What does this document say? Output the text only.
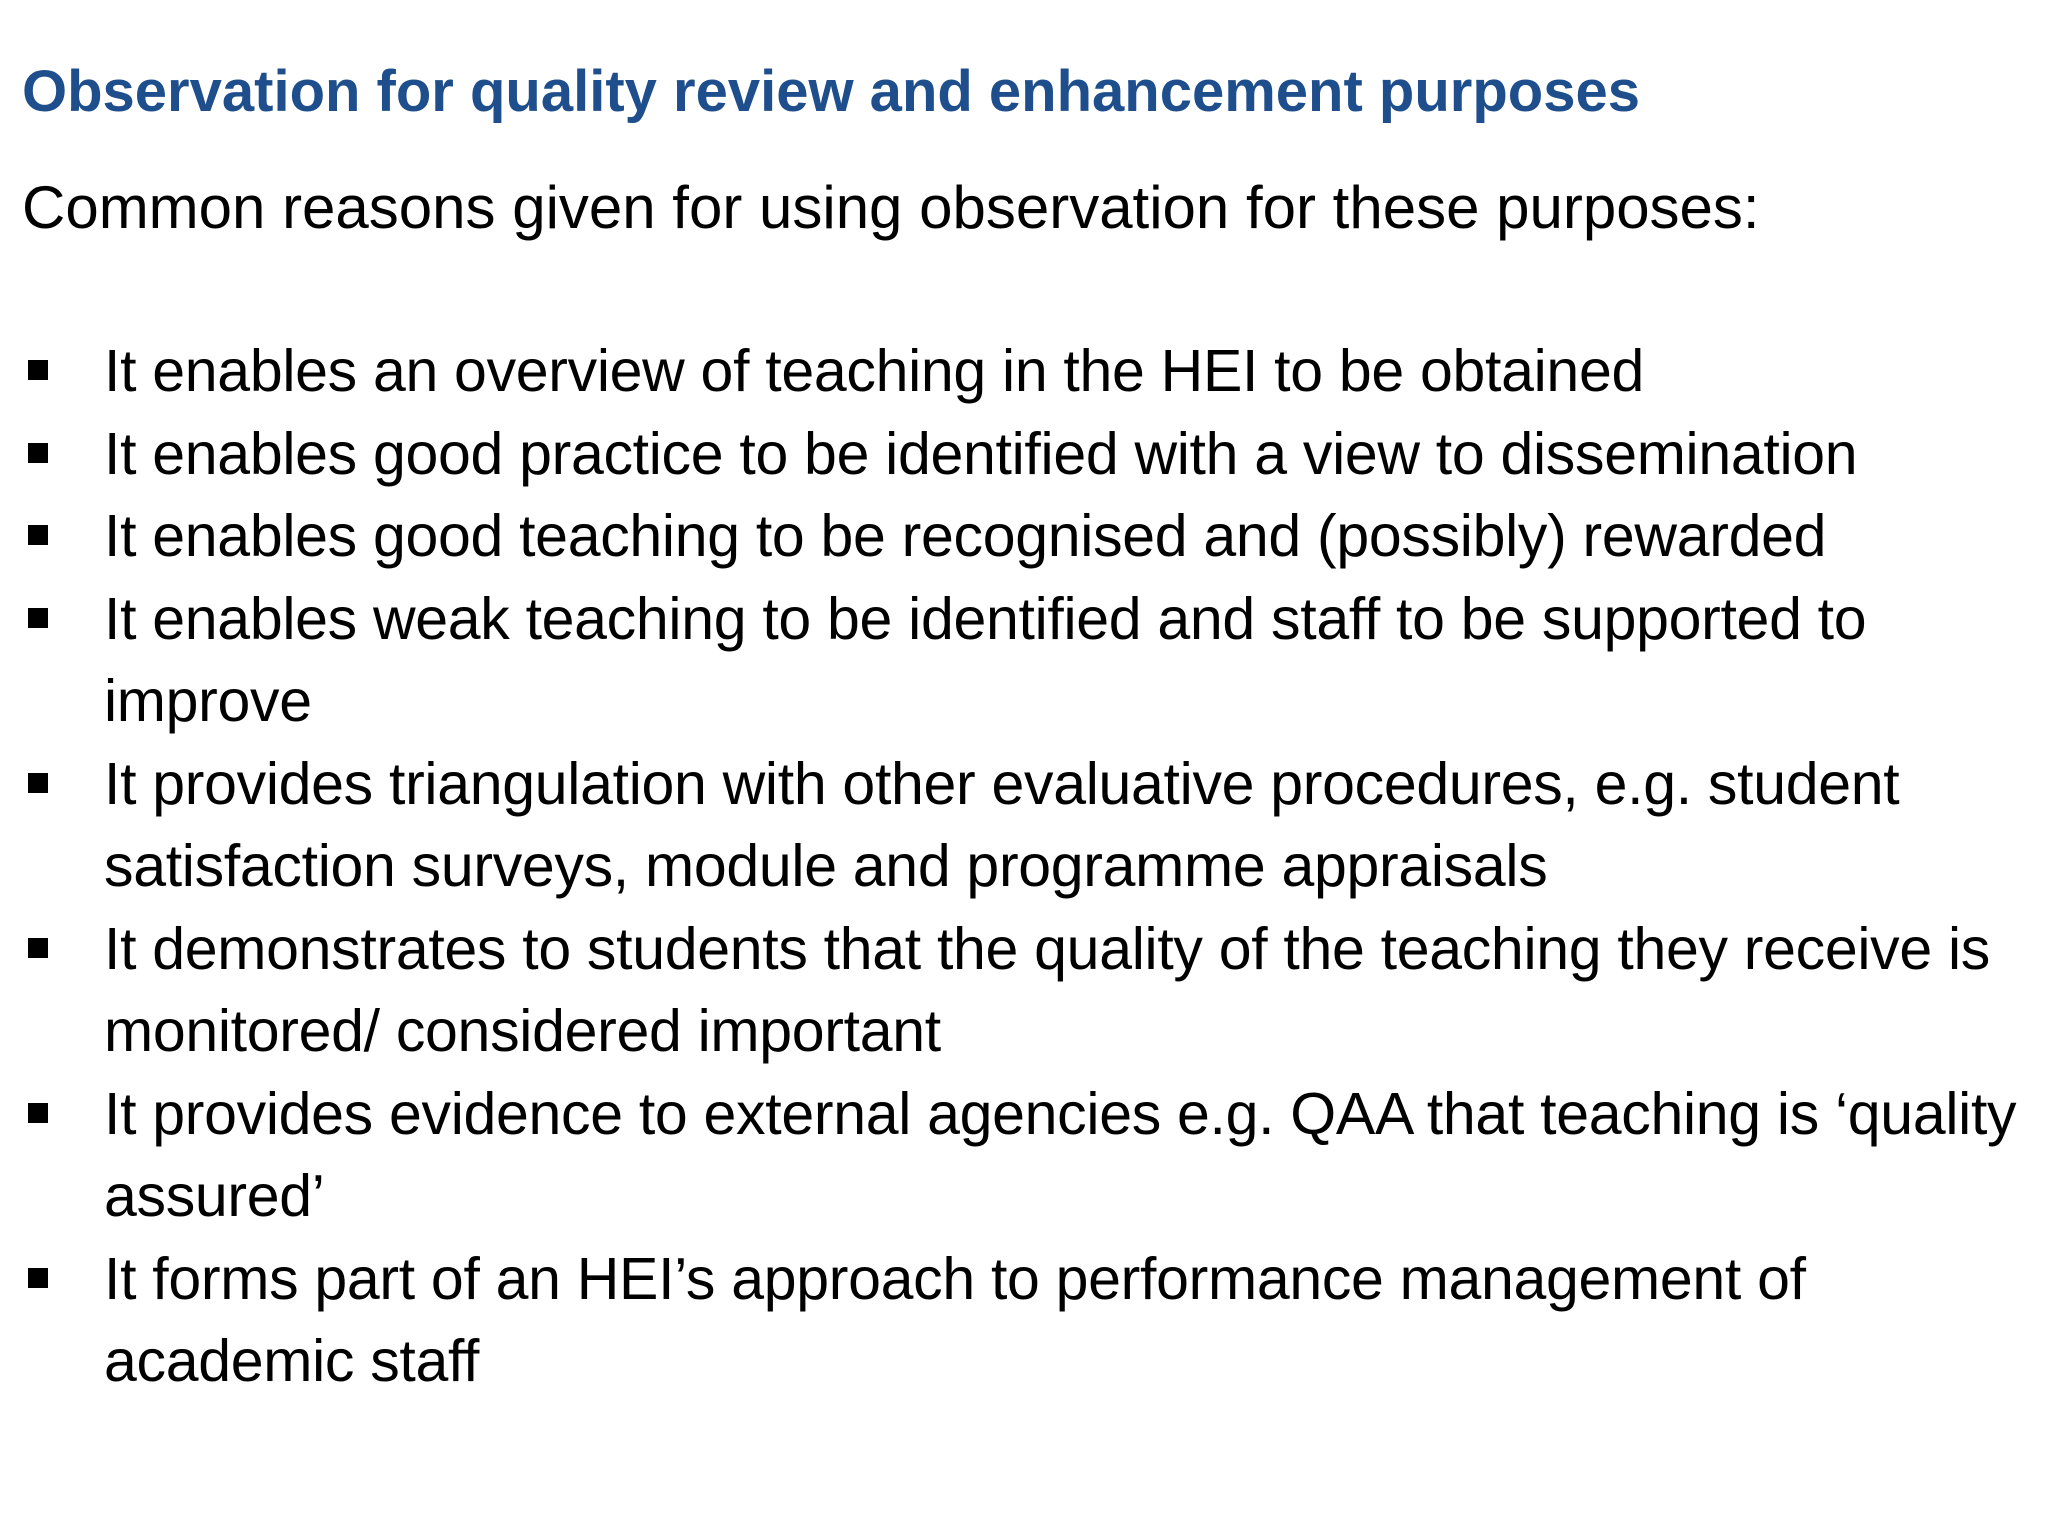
Observation for quality review and enhancement purposes

Common reasons given for using observation for these purposes:

It enables an overview of teaching in the HEI to be obtained
It enables good practice to be identified with a view to dissemination
It enables good teaching to be recognised and (possibly) rewarded
It enables weak teaching to be identified and staff to be supported to improve
It provides triangulation with other evaluative procedures, e.g. student satisfaction surveys, module and programme appraisals
It demonstrates to students that the quality of the teaching they receive is monitored/ considered important
It provides evidence to external agencies e.g. QAA that teaching is ‘quality assured’
It forms part of an HEI’s approach to performance management of academic staff
